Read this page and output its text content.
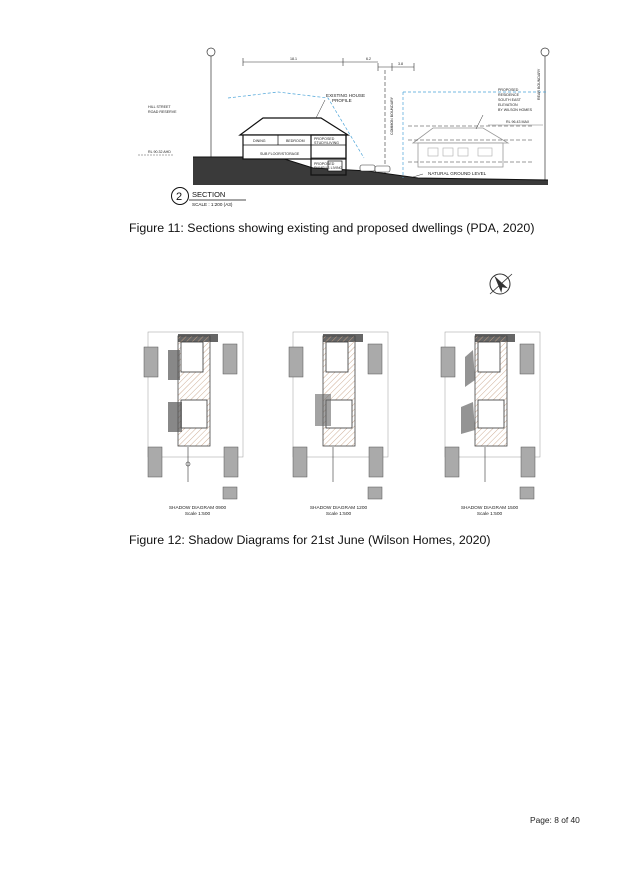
18.1	6.2
3.8
HILL STREET
ROAD RESERVE
RL 90.32 AHD
DINING	BEDROOM	PROPOSED
STUDY/LIVING
SUB FLOOR/STORAGE
PROPOSED
RUMPUS LIVING
EXISTING HOUSE
PROFILE	COMMON BOUNDARY
REAR BOUNDARY
PROPOSED
RESIDENCE
SOUTH EAST
ELEVATION
BY WILSON HOMES
RL 96.43 MAX
NATURAL GROUND LEVEL
2 SECTION
SCALE : 1:200 (A3)
Figure 11: Sections showing existing and proposed dwellings (PDA, 2020)
SHADOW DIAGRAM 0900
Scale 1:500
SHADOW DIAGRAM 1200
Scale 1:500
SHADOW DIAGRAM 1500
Scale 1:500
Figure 12: Shadow Diagrams for 21st June (Wilson Homes, 2020)
Page: 8 of 40
